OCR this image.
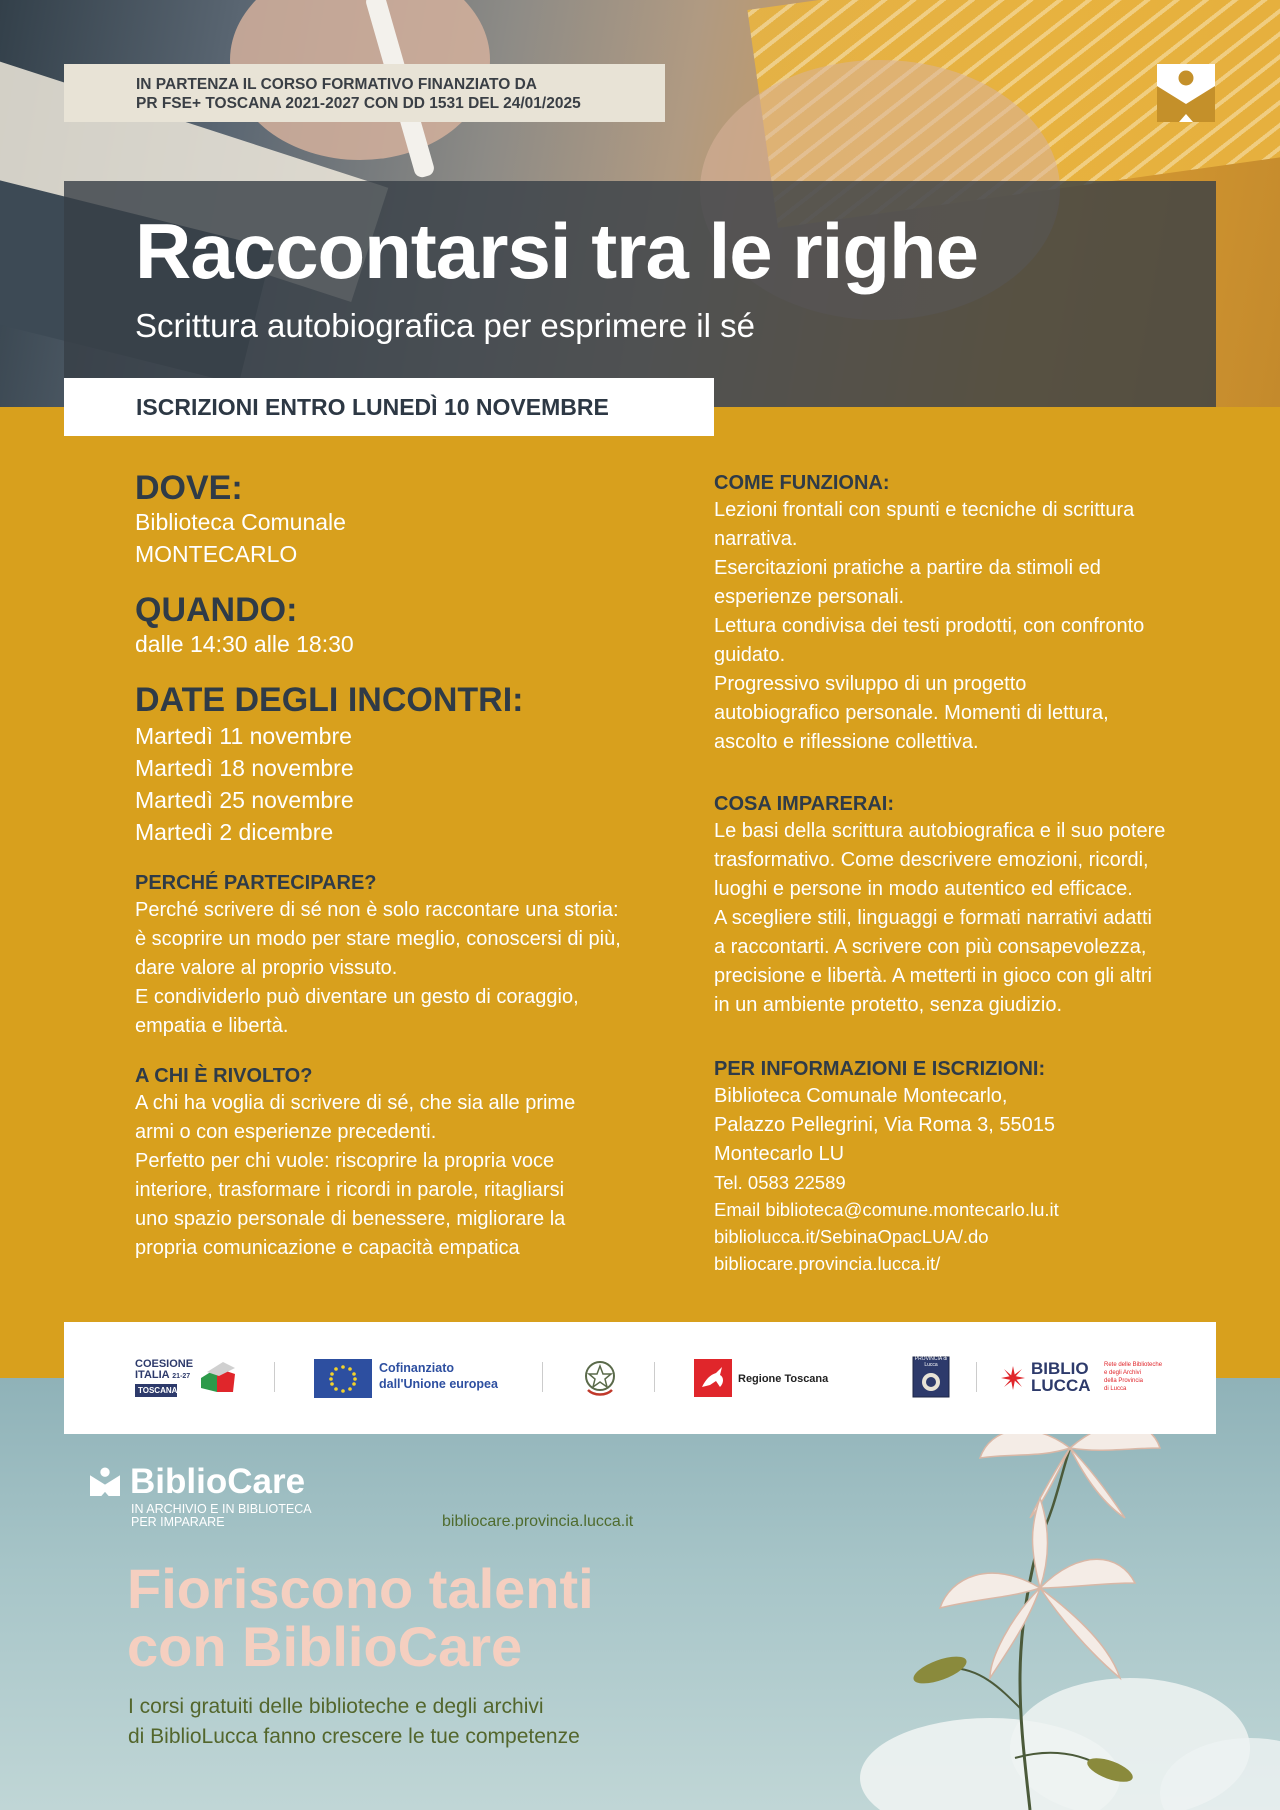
IN PARTENZA IL CORSO FORMATIVO FINANZIATO DA
PR FSE+ TOSCANA 2021-2027 CON DD 1531 DEL 24/01/2025
Raccontarsi tra le righe
Scrittura autobiografica per esprimere il sé
ISCRIZIONI ENTRO LUNEDÌ 10 NOVEMBRE
DOVE:
Biblioteca Comunale
MONTECARLO
QUANDO:
dalle 14:30 alle 18:30
DATE DEGLI INCONTRI:
Martedì 11 novembre
Martedì 18 novembre
Martedì 25 novembre
Martedì 2 dicembre
PERCHÉ PARTECIPARE?
Perché scrivere di sé non è solo raccontare una storia:
è scoprire un modo per stare meglio, conoscersi di più,
dare valore al proprio vissuto.
E condividerlo può diventare un gesto di coraggio,
empatia e libertà.
A CHI È RIVOLTO?
A chi ha voglia di scrivere di sé, che sia alle prime
armi o con esperienze precedenti.
Perfetto per chi vuole: riscoprire la propria voce
interiore, trasformare i ricordi in parole, ritagliarsi
uno spazio personale di benessere, migliorare la
propria comunicazione e capacità empatica
COME FUNZIONA:
Lezioni frontali con spunti e tecniche di scrittura
narrativa.
Esercitazioni pratiche a partire da stimoli ed
esperienze personali.
Lettura condivisa dei testi prodotti, con confronto
guidato.
Progressivo sviluppo di un progetto
autobiografico personale. Momenti di lettura,
ascolto e riflessione collettiva.
COSA IMPARERAI:
Le basi della scrittura autobiografica e il suo potere
trasformativo. Come descrivere emozioni, ricordi,
luoghi e persone in modo autentico ed efficace.
A scegliere stili, linguaggi e formati narrativi adatti
a raccontarti. A scrivere con più consapevolezza,
precisione e libertà. A metterti in gioco con gli altri
in un ambiente protetto, senza giudizio.
PER INFORMAZIONI E ISCRIZIONI:
Biblioteca Comunale Montecarlo,
Palazzo Pellegrini, Via Roma 3, 55015
Montecarlo LU
Tel. 0583 22589
Email biblioteca@comune.montecarlo.lu.it
bibliolucca.it/SebinaOpacLUA/.do
bibliocare.provincia.lucca.it/
COESIONE
ITALIA 21-27
TOSCANA
Cofinanziato
dall'Unione europea	Regione Toscana
PROVINCIA di Lucca	BIBLIO
LUCCA
Rete delle Biblioteche
e degli Archivi
della Provincia
di Lucca
BiblioCare
IN ARCHIVIO E IN BIBLIOTECA
PER IMPARARE	bibliocare.provincia.lucca.it
Fioriscono talenti
con BiblioCare
I corsi gratuiti delle biblioteche e degli archivi
di BiblioLucca fanno crescere le tue competenze
